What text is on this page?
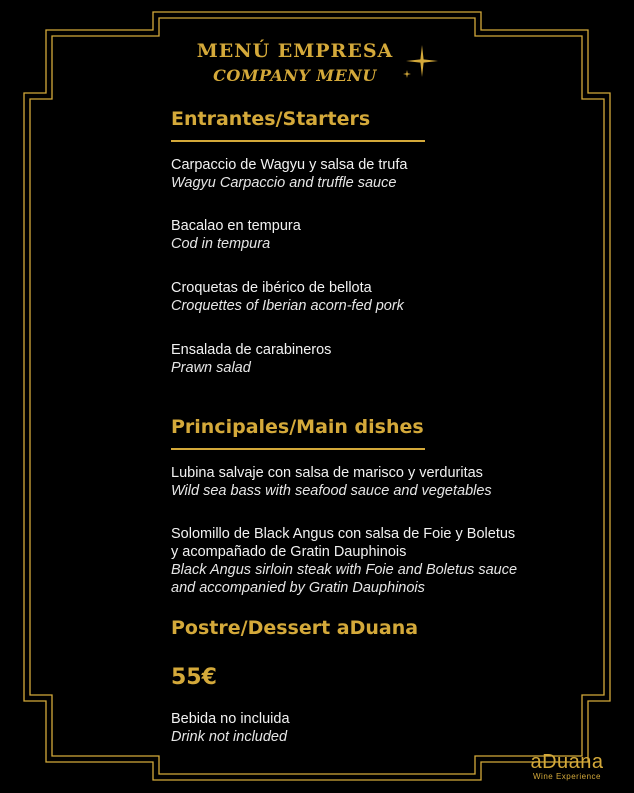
MENÚ EMPRESA
COMPANY MENU
Entrantes/Starters
Carpaccio de Wagyu y salsa de trufa
Wagyu Carpaccio and truffle sauce
Bacalao en tempura
Cod in tempura
Croquetas de ibérico de bellota
Croquettes of Iberian acorn-fed pork
Ensalada de carabineros
Prawn salad
Principales/Main dishes
Lubina salvaje con salsa de marisco y verduritas
Wild sea bass with seafood sauce and vegetables
Solomillo de Black Angus con salsa de Foie y Boletus
y acompañado de Gratin Dauphinois
Black Angus sirloin steak with Foie and Boletus sauce
and accompanied by Gratin Dauphinois
Postre/Dessert aDuana
55€
Bebida no incluida
Drink not included
aDuana
Wine Experience
